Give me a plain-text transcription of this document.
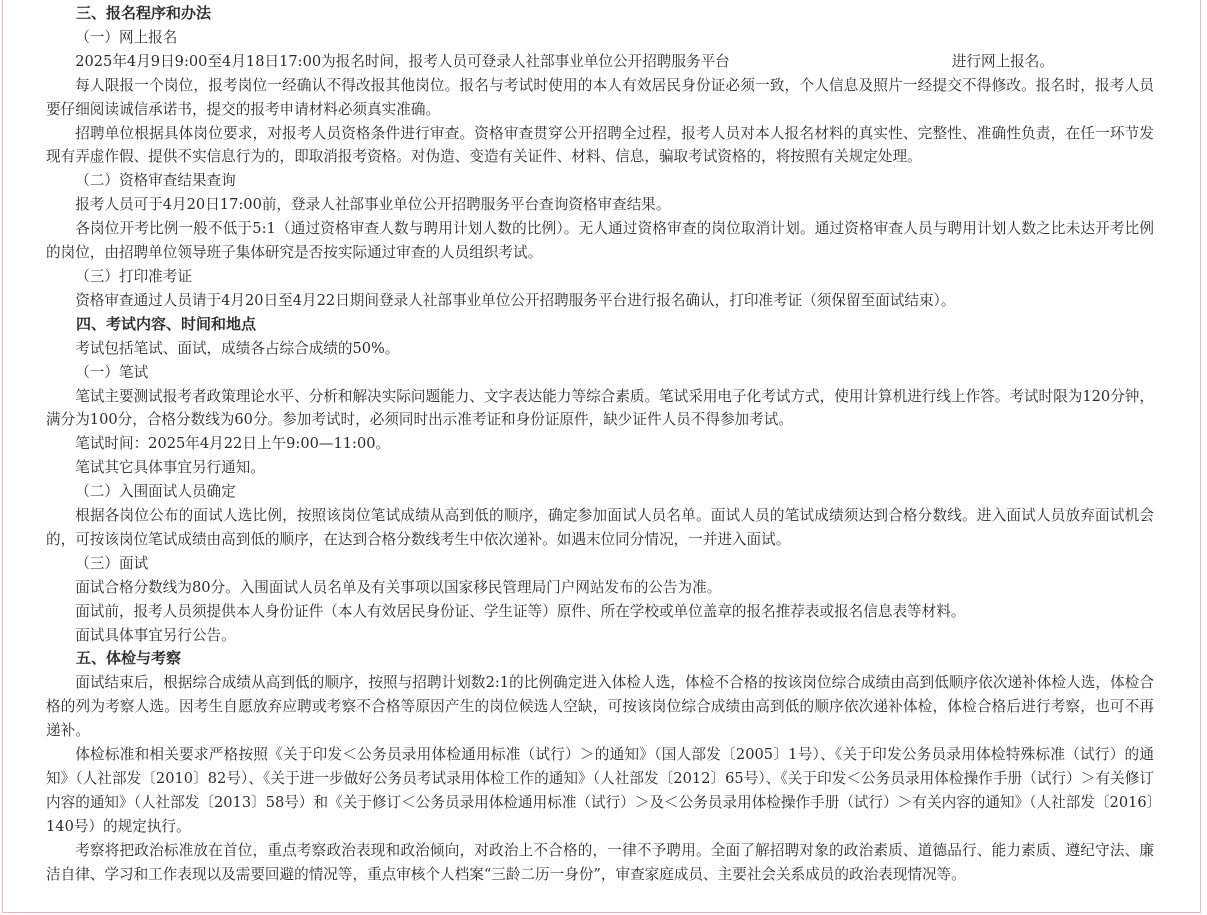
三、报名程序和办法

（一）网上报名

2025年4月9日9:00至4月18日17:00为报名时间，报考人员可登录人社部事业单位公开招聘服务平台	进行网上报名。

每人限报一个岗位，报考岗位一经确认不得改报其他岗位。报名与考试时使用的本人有效居民身份证必须一致，个人信息及照片一经提交不得修改。报名时，报考人员要仔细阅读诚信承诺书，提交的报考申请材料必须真实准确。

招聘单位根据具体岗位要求，对报考人员资格条件进行审查。资格审查贯穿公开招聘全过程，报考人员对本人报名材料的真实性、完整性、准确性负责，在任一环节发现有弄虚作假、提供不实信息行为的，即取消报考资格。对伪造、变造有关证件、材料、信息，骗取考试资格的，将按照有关规定处理。

（二）资格审查结果查询

报考人员可于4月20日17:00前，登录人社部事业单位公开招聘服务平台查询资格审查结果。

各岗位开考比例一般不低于5:1（通过资格审查人数与聘用计划人数的比例）。无人通过资格审查的岗位取消计划。通过资格审查人员与聘用计划人数之比未达开考比例的岗位，由招聘单位领导班子集体研究是否按实际通过审查的人员组织考试。

（三）打印准考证

资格审查通过人员请于4月20日至4月22日期间登录人社部事业单位公开招聘服务平台进行报名确认，打印准考证（须保留至面试结束）。

四、考试内容、时间和地点

考试包括笔试、面试，成绩各占综合成绩的50%。

（一）笔试

笔试主要测试报考者政策理论水平、分析和解决实际问题能力、文字表达能力等综合素质。笔试采用电子化考试方式，使用计算机进行线上作答。考试时限为120分钟，满分为100分，合格分数线为60分。参加考试时，必须同时出示准考证和身份证原件，缺少证件人员不得参加考试。

笔试时间：2025年4月22日上午9:00—11:00。

笔试其它具体事宜另行通知。

（二）入围面试人员确定

根据各岗位公布的面试人选比例，按照该岗位笔试成绩从高到低的顺序，确定参加面试人员名单。面试人员的笔试成绩须达到合格分数线。进入面试人员放弃面试机会的，可按该岗位笔试成绩由高到低的顺序，在达到合格分数线考生中依次递补。如遇末位同分情况，一并进入面试。

（三）面试

面试合格分数线为80分。入围面试人员名单及有关事项以国家移民管理局门户网站发布的公告为准。

面试前，报考人员须提供本人身份证件（本人有效居民身份证、学生证等）原件、所在学校或单位盖章的报名推荐表或报名信息表等材料。

面试具体事宜另行公告。

五、体检与考察

面试结束后，根据综合成绩从高到低的顺序，按照与招聘计划数2:1的比例确定进入体检人选，体检不合格的按该岗位综合成绩由高到低顺序依次递补体检人选，体检合格的列为考察人选。因考生自愿放弃应聘或考察不合格等原因产生的岗位候选人空缺，可按该岗位综合成绩由高到低的顺序依次递补体检，体检合格后进行考察，也可不再递补。

体检标准和相关要求严格按照《关于印发＜公务员录用体检通用标准（试行）＞的通知》（国人部发〔2005〕1号）、《关于印发公务员录用体检特殊标准（试行）的通知》（人社部发〔2010〕82号）、《关于进一步做好公务员考试录用体检工作的通知》（人社部发〔2012〕65号）、《关于印发＜公务员录用体检操作手册（试行）＞有关修订内容的通知》（人社部发〔2013〕58号）和《关于修订＜公务员录用体检通用标准（试行）＞及＜公务员录用体检操作手册（试行）＞有关内容的通知》（人社部发〔2016〕140号）的规定执行。

考察将把政治标准放在首位，重点考察政治表现和政治倾向，对政治上不合格的，一律不予聘用。全面了解招聘对象的政治素质、道德品行、能力素质、遵纪守法、廉洁自律、学习和工作表现以及需要回避的情况等，重点审核个人档案“三龄二历一身份”，审查家庭成员、主要社会关系成员的政治表现情况等。
